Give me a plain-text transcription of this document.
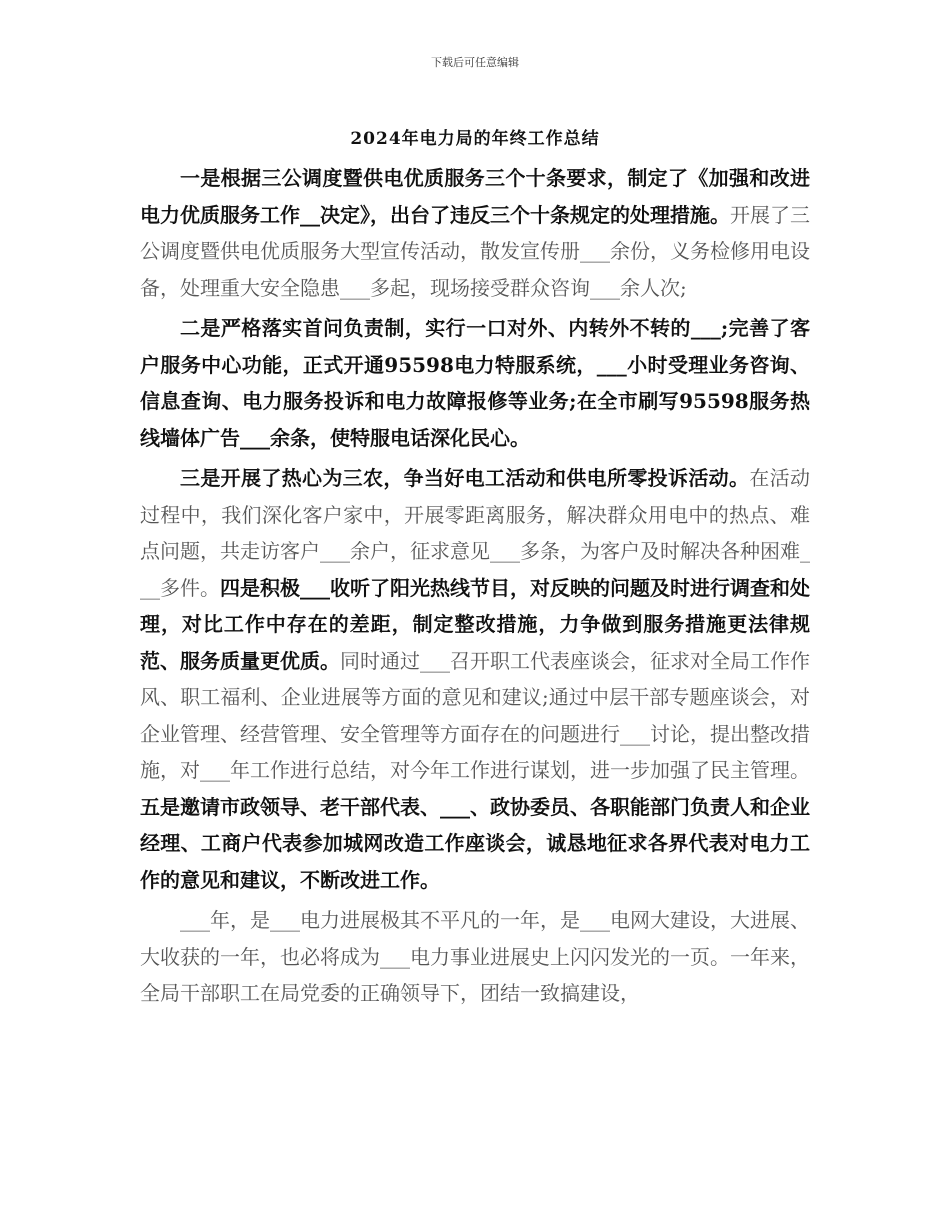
下载后可任意编辑
2024年电力局的年终工作总结

一是根据三公调度暨供电优质服务三个十条要求，制定了《加强和改进电力优质服务工作__决定》，出台了违反三个十条规定的处理措施。开展了三公调度暨供电优质服务大型宣传活动，散发宣传册___余份，义务检修用电设备，处理重大安全隐患___多起，现场接受群众咨询___余人次;

二是严格落实首问负责制，实行一口对外、内转外不转的___;完善了客户服务中心功能，正式开通95598电力特服系统，___小时受理业务咨询、信息查询、电力服务投诉和电力故障报修等业务;在全市刷写95598服务热线墙体广告___余条，使特服电话深化民心。

三是开展了热心为三农，争当好电工活动和供电所零投诉活动。在活动过程中，我们深化客户家中，开展零距离服务，解决群众用电中的热点、难点问题，共走访客户___余户，征求意见___多条，为客户及时解决各种困难___多件。四是积极___收听了阳光热线节目，对反映的问题及时进行调查和处理，对比工作中存在的差距，制定整改措施，力争做到服务措施更法律规范、服务质量更优质。同时通过___召开职工代表座谈会，征求对全局工作作风、职工福利、企业进展等方面的意见和建议;通过中层干部专题座谈会，对企业管理、经营管理、安全管理等方面存在的问题进行___讨论，提出整改措施，对___年工作进行总结，对今年工作进行谋划，进一步加强了民主管理。五是邀请市政领导、老干部代表、___、政协委员、各职能部门负责人和企业经理、工商户代表参加城网改造工作座谈会，诚恳地征求各界代表对电力工作的意见和建议，不断改进工作。

___年，是___电力进展极其不平凡的一年，是___电网大建设，大进展、大收获的一年，也必将成为___电力事业进展史上闪闪发光的一页。一年来，全局干部职工在局党委的正确领导下，团结一致搞建设，
